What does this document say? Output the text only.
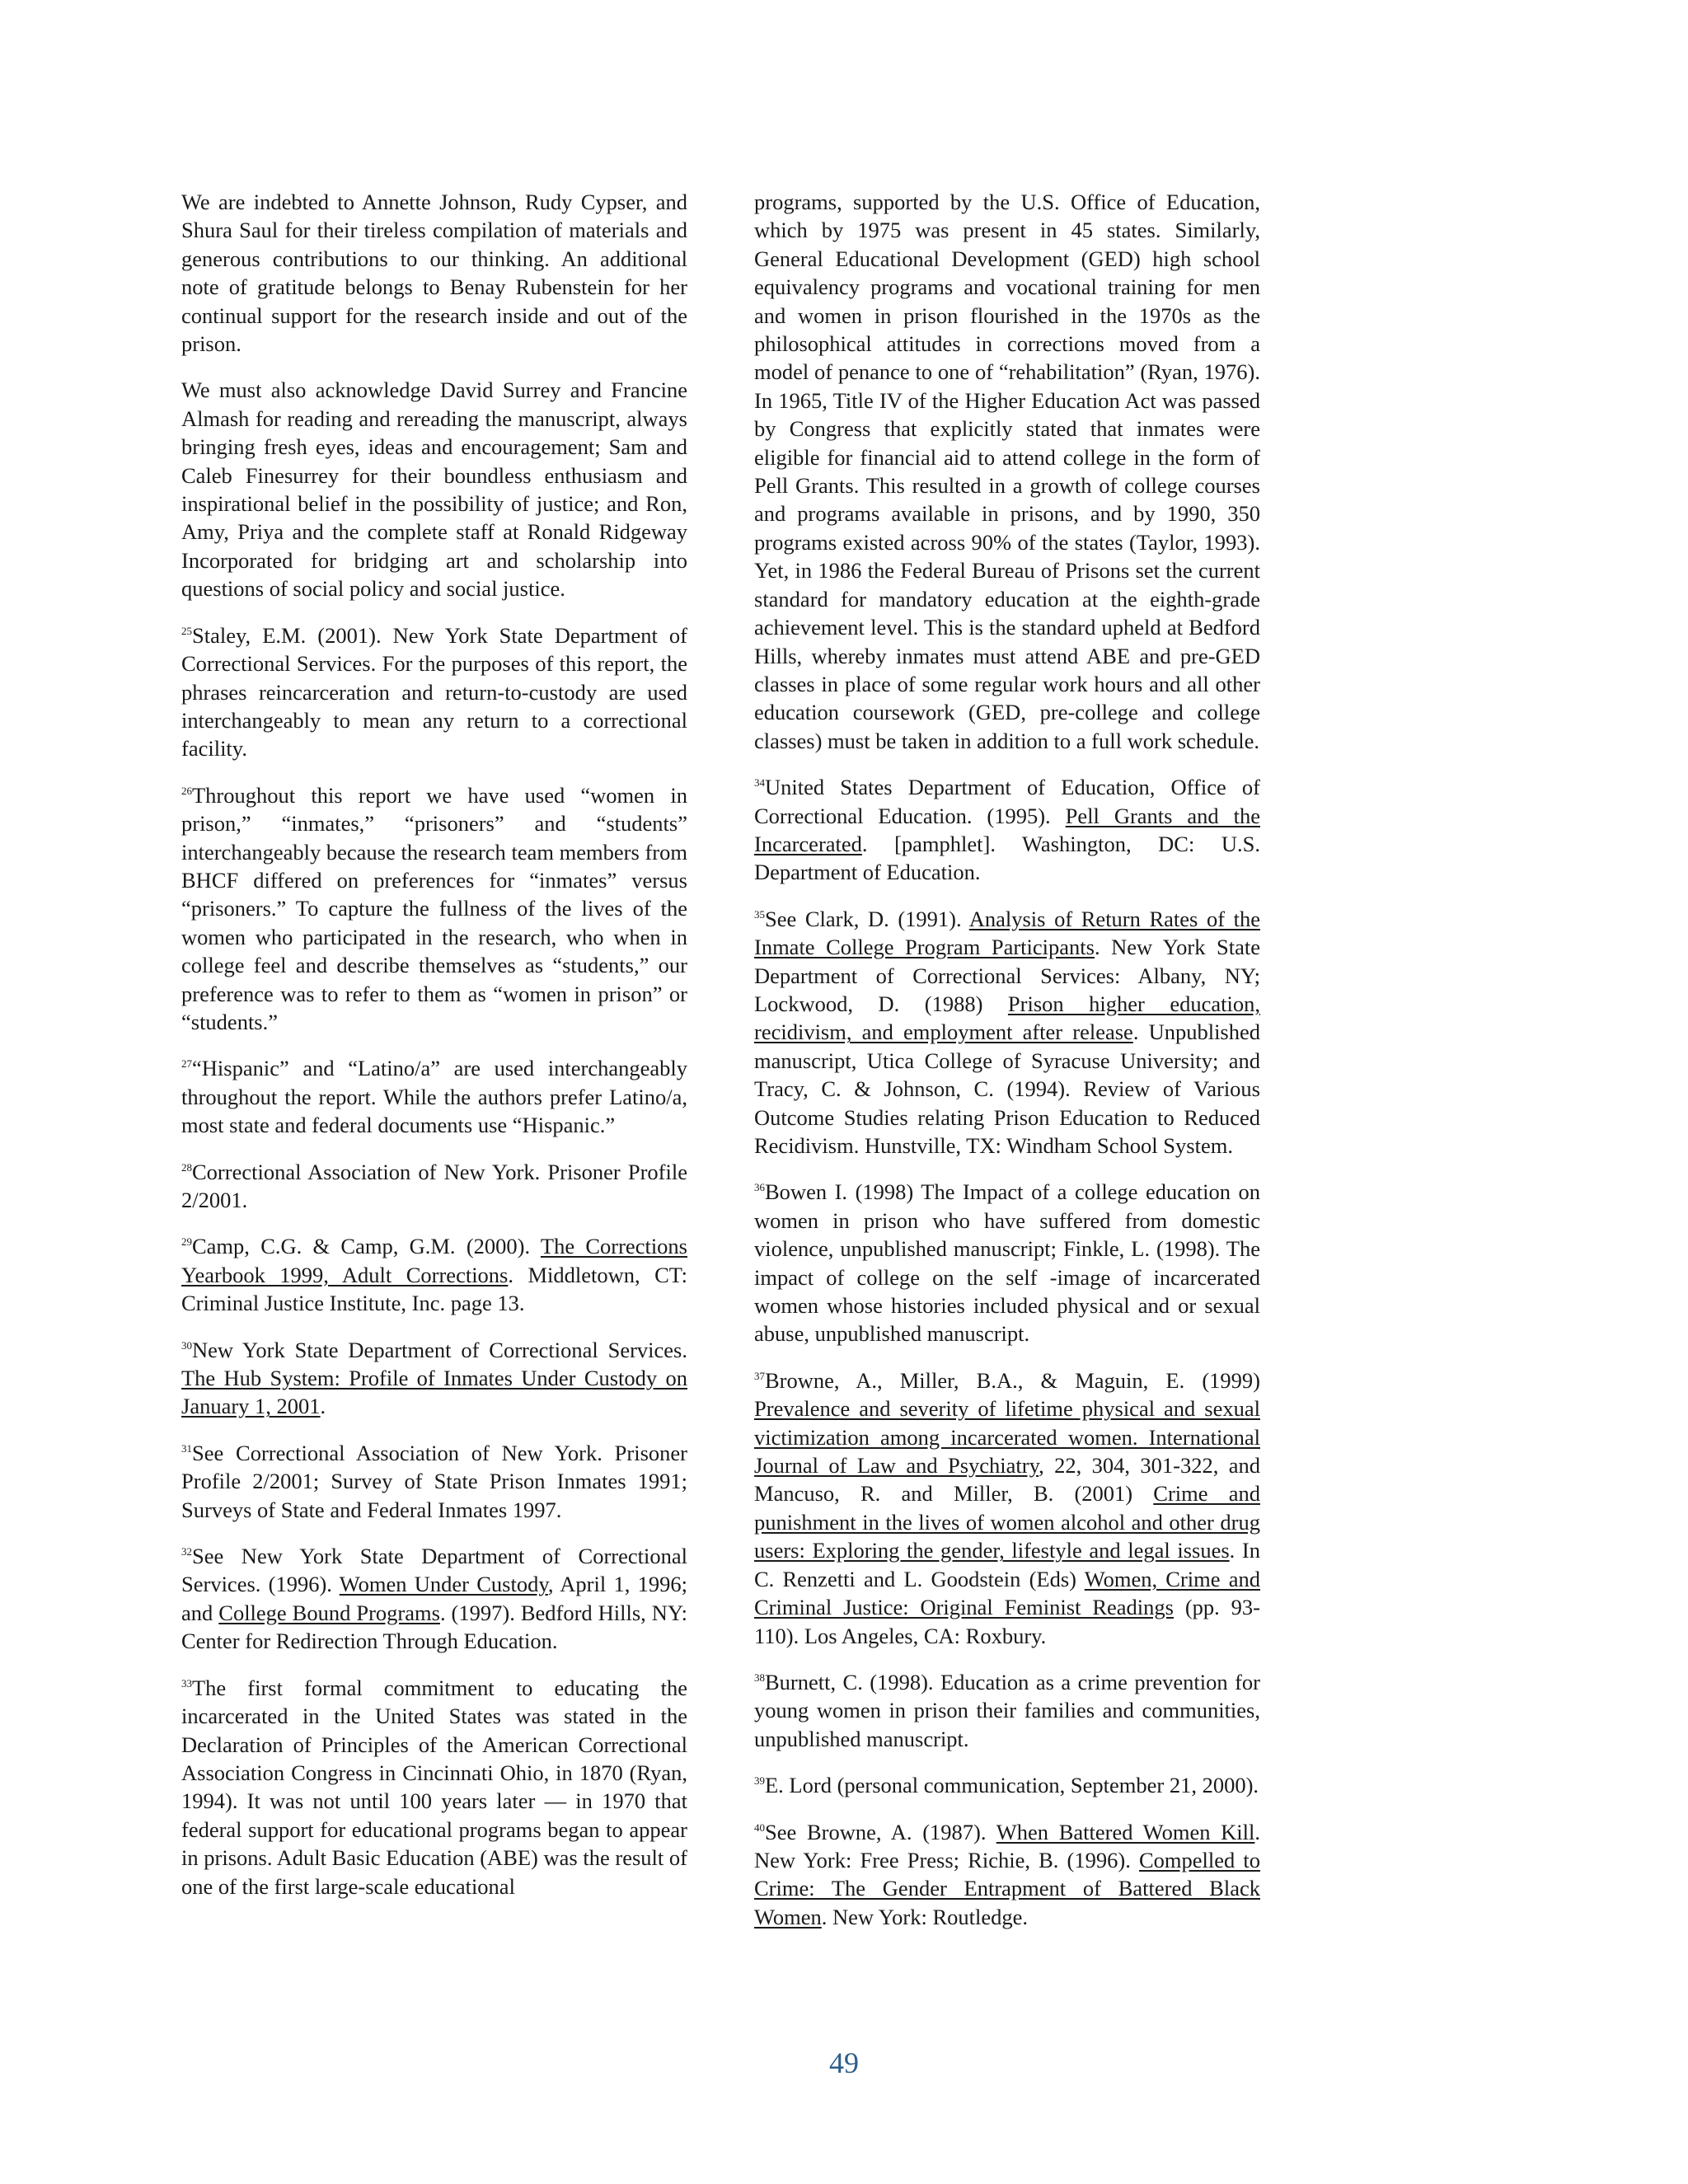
We are indebted to Annette Johnson, Rudy Cypser, and Shura Saul for their tireless compilation of materials and generous contributions to our thinking. An additional note of gratitude belongs to Benay Rubenstein for her continual support for the research inside and out of the prison.

We must also acknowledge David Surrey and Francine Almash for reading and rereading the manuscript, always bringing fresh eyes, ideas and encouragement; Sam and Caleb Finesurrey for their boundless enthusiasm and inspirational belief in the possibility of justice; and Ron, Amy, Priya and the complete staff at Ronald Ridgeway Incorporated for bridging art and scholarship into questions of social policy and social justice.

$^{25}$Staley, E.M. (2001). New York State Department of Correctional Services. For the purposes of this report, the phrases reincarceration and return-to-custody are used interchangeably to mean any return to a correctional facility.

$^{26}$Throughout this report we have used “women in prison,” “inmates,” “prisoners” and “students” interchangeably because the research team members from BHCF differed on preferences for “inmates” versus “prisoners.” To capture the fullness of the lives of the women who participated in the research, who when in college feel and describe themselves as “students,” our preference was to refer to them as “women in prison” or “students.”

$^{27}$“Hispanic” and “Latino/a” are used interchangeably throughout the report. While the authors prefer Latino/a, most state and federal documents use “Hispanic.”

$^{28}$Correctional Association of New York. Prisoner Profile 2/2001.

$^{29}$Camp, C.G. & Camp, G.M. (2000). The Corrections Yearbook 1999, Adult Corrections. Middletown, CT: Criminal Justice Institute, Inc. page 13.

$^{30}$New York State Department of Correctional Services. The Hub System: Profile of Inmates Under Custody on January 1, 2001.

$^{31}$See Correctional Association of New York. Prisoner Profile 2/2001; Survey of State Prison Inmates 1991; Surveys of State and Federal Inmates 1997.

$^{32}$See New York State Department of Correctional Services. (1996). Women Under Custody, April 1, 1996; and College Bound Programs. (1997). Bedford Hills, NY: Center for Redirection Through Education.

$^{33}$The first formal commitment to educating the incarcerated in the United States was stated in the Declaration of Principles of the American Correctional Association Congress in Cincinnati Ohio, in 1870 (Ryan, 1994). It was not until 100 years later — in 1970 that federal support for educational programs began to appear in prisons. Adult Basic Education (ABE) was the result of one of the first large-scale educational

programs, supported by the U.S. Office of Education, which by 1975 was present in 45 states. Similarly, General Educational Development (GED) high school equivalency programs and vocational training for men and women in prison flourished in the 1970s as the philosophical attitudes in corrections moved from a model of penance to one of “rehabilitation” (Ryan, 1976). In 1965, Title IV of the Higher Education Act was passed by Congress that explicitly stated that inmates were eligible for financial aid to attend college in the form of Pell Grants. This resulted in a growth of college courses and programs available in prisons, and by 1990, 350 programs existed across 90% of the states (Taylor, 1993). Yet, in 1986 the Federal Bureau of Prisons set the current standard for mandatory education at the eighth-grade achievement level. This is the standard upheld at Bedford Hills, whereby inmates must attend ABE and pre-GED classes in place of some regular work hours and all other education coursework (GED, pre-college and college classes) must be taken in addition to a full work schedule.

$^{34}$United States Department of Education, Office of Correctional Education. (1995). Pell Grants and the Incarcerated. [pamphlet]. Washington, DC: U.S. Department of Education.

$^{35}$See Clark, D. (1991). Analysis of Return Rates of the Inmate College Program Participants. New York State Department of Correctional Services: Albany, NY; Lockwood, D. (1988) Prison higher education, recidivism, and employment after release. Unpublished manuscript, Utica College of Syracuse University; and Tracy, C. & Johnson, C. (1994). Review of Various Outcome Studies relating Prison Education to Reduced Recidivism. Hunstville, TX: Windham School System.

$^{36}$Bowen I. (1998) The Impact of a college education on women in prison who have suffered from domestic violence, unpublished manuscript; Finkle, L. (1998). The impact of college on the self -image of incarcerated women whose histories included physical and or sexual abuse, unpublished manuscript.

$^{37}$Browne, A., Miller, B.A., & Maguin, E. (1999) Prevalence and severity of lifetime physical and sexual victimization among incarcerated women. International Journal of Law and Psychiatry, 22, 304, 301-322, and Mancuso, R. and Miller, B. (2001) Crime and punishment in the lives of women alcohol and other drug users: Exploring the gender, lifestyle and legal issues. In C. Renzetti and L. Goodstein (Eds) Women, Crime and Criminal Justice: Original Feminist Readings (pp. 93-110). Los Angeles, CA: Roxbury.

$^{38}$Burnett, C. (1998). Education as a crime prevention for young women in prison their families and communities, unpublished manuscript.

$^{39}$E. Lord (personal communication, September 21, 2000).

$^{40}$See Browne, A. (1987). When Battered Women Kill. New York: Free Press; Richie, B. (1996). Compelled to Crime: The Gender Entrapment of Battered Black Women. New York: Routledge.

49
